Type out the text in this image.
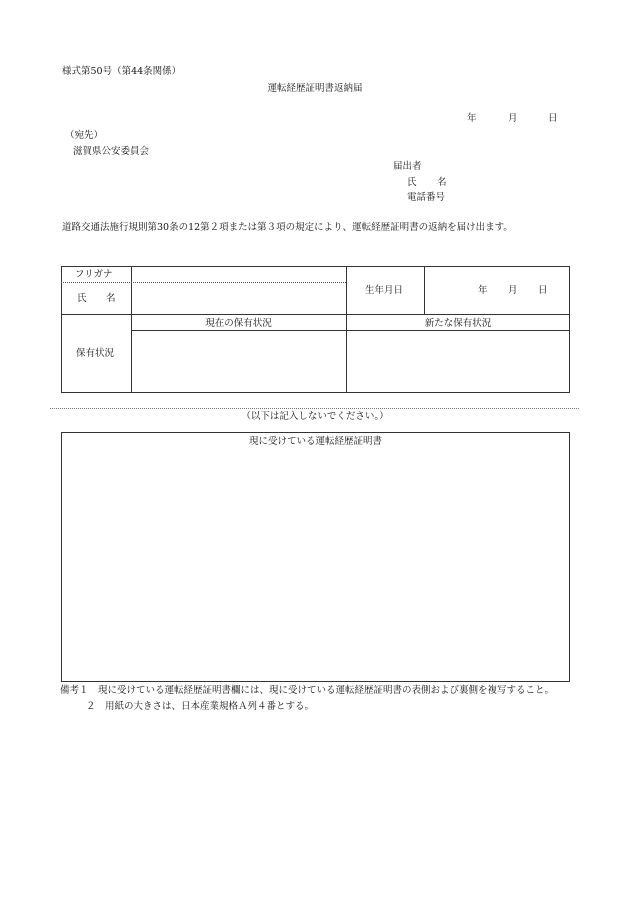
様式第50号（第44条関係）
運転経歴証明書返納届
年	月	日
（宛先）
滋賀県公安委員会
届出者
氏 名
電話番号
道路交通法施行規則第30条の12第２項または第３項の規定により、運転経歴証明書の返納を届け出ます。
フリガナ
氏 名
生年月日	年 月 日
保有状況
現在の保有状況	新たな保有状況
（以下は記入しないでください。）
現に受けている運転経歴証明書
備考１　現に受けている運転経歴証明書欄には、現に受けている運転経歴証明書の表側および裏側を複写すること。
２　用紙の大きさは、日本産業規格Ａ列４番とする。
